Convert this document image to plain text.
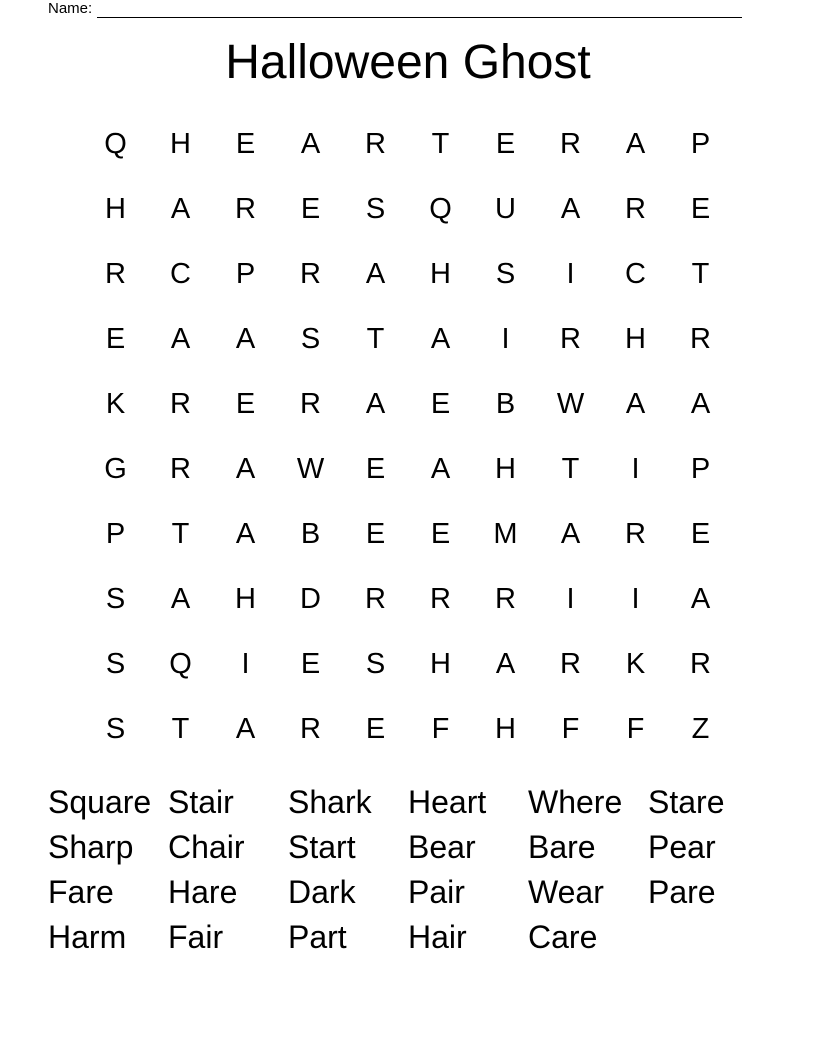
Name:
Halloween Ghost
Q	H	E	A	R	T	E	R	A	P
H	A	R	E	S	Q	U	A	R	E
R	C	P	R	A	H	S	I	C	T
E	A	A	S	T	A	I	R	H	R
K	R	E	R	A	E	B	W	A	A
G	R	A	W	E	A	H	T	I	P
P	T	A	B	E	E	M	A	R	E
S	A	H	D	R	R	R	I	I	A
S	Q	I	E	S	H	A	R	K	R
S	T	A	R	E	F	H	F	F	Z
Square Stair Shark Heart Where Stare
Sharp Chair Start Bear Bare Pear
Fare Hare Dark Pair Wear Pare
Harm Fair Part Hair Care
